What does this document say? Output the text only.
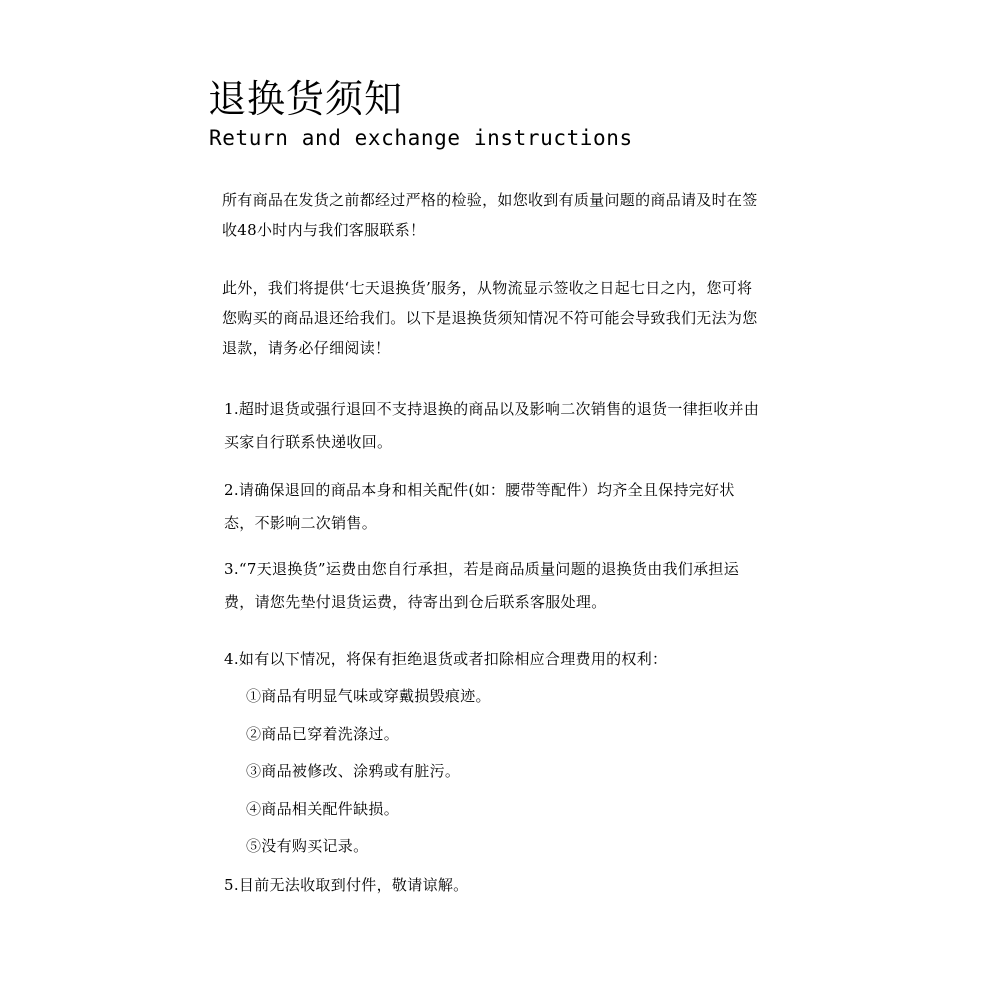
退换货须知
Return and exchange instructions

所有商品在发货之前都经过严格的检验，如您收到有质量问题的商品请及时在签收48小时内与我们客服联系！

此外，我们将提供‘七天退换货’服务，从物流显示签收之日起七日之内，您可将您购买的商品退还给我们。以下是退换货须知情况不符可能会导致我们无法为您退款，请务必仔细阅读！

1.超时退货或强行退回不支持退换的商品以及影响二次销售的退货一律拒收并由买家自行联系快递收回。

2.请确保退回的商品本身和相关配件(如：腰带等配件）均齐全且保持完好状态，不影响二次销售。

3.“7天退换货”运费由您自行承担，若是商品质量问题的退换货由我们承担运费，请您先垫付退货运费，待寄出到仓后联系客服处理。

4.如有以下情况，将保有拒绝退货或者扣除相应合理费用的权利：

①商品有明显气味或穿戴损毁痕迹。
②商品已穿着洗涤过。
③商品被修改、涂鸦或有脏污。
④商品相关配件缺损。
⑤没有购买记录。

5.目前无法收取到付件，敬请谅解。
